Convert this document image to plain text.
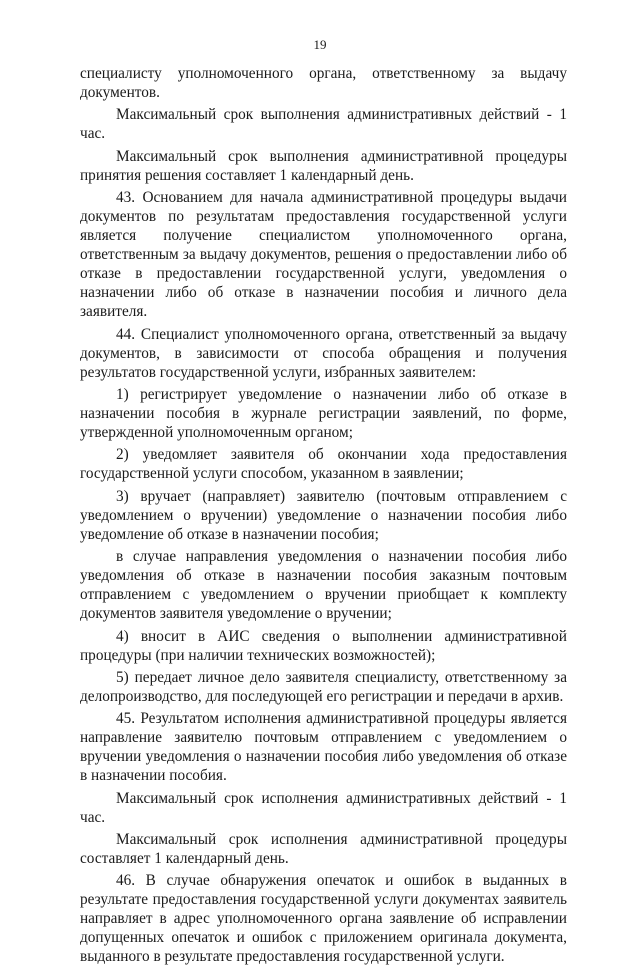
19

специалисту уполномоченного органа, ответственному за выдачу документов.

Максимальный срок выполнения административных действий - 1 час.

Максимальный срок выполнения административной процедуры принятия решения составляет 1 календарный день.

43. Основанием для начала административной процедуры выдачи документов по результатам предоставления государственной услуги является получение специалистом уполномоченного органа, ответственным за выдачу документов, решения о предоставлении либо об отказе в предоставлении государственной услуги, уведомления о назначении либо об отказе в назначении пособия и личного дела заявителя.

44. Специалист уполномоченного органа, ответственный за выдачу документов, в зависимости от способа обращения и получения результатов государственной услуги, избранных заявителем:

1) регистрирует уведомление о назначении либо об отказе в назначении пособия в журнале регистрации заявлений, по форме, утвержденной уполномоченным органом;

2) уведомляет заявителя об окончании хода предоставления государственной услуги способом, указанном в заявлении;

3) вручает (направляет) заявителю (почтовым отправлением с уведомлением о вручении) уведомление о назначении пособия либо уведомление об отказе в назначении пособия;

в случае направления уведомления о назначении пособия либо уведомления об отказе в назначении пособия заказным почтовым отправлением с уведомлением о вручении приобщает к комплекту документов заявителя уведомление о вручении;

4) вносит в АИС сведения о выполнении административной процедуры (при наличии технических возможностей);

5) передает личное дело заявителя специалисту, ответственному за делопроизводство, для последующей его регистрации и передачи в архив.

45. Результатом исполнения административной процедуры является направление заявителю почтовым отправлением с уведомлением о вручении уведомления о назначении пособия либо уведомления об отказе в назначении пособия.

Максимальный срок исполнения административных действий - 1 час.

Максимальный срок исполнения административной процедуры составляет 1 календарный день.

46. В случае обнаружения опечаток и ошибок в выданных в результате предоставления государственной услуги документах заявитель направляет в адрес уполномоченного органа заявление об исправлении допущенных опечаток и ошибок с приложением оригинала документа, выданного в результате предоставления государственной услуги.
